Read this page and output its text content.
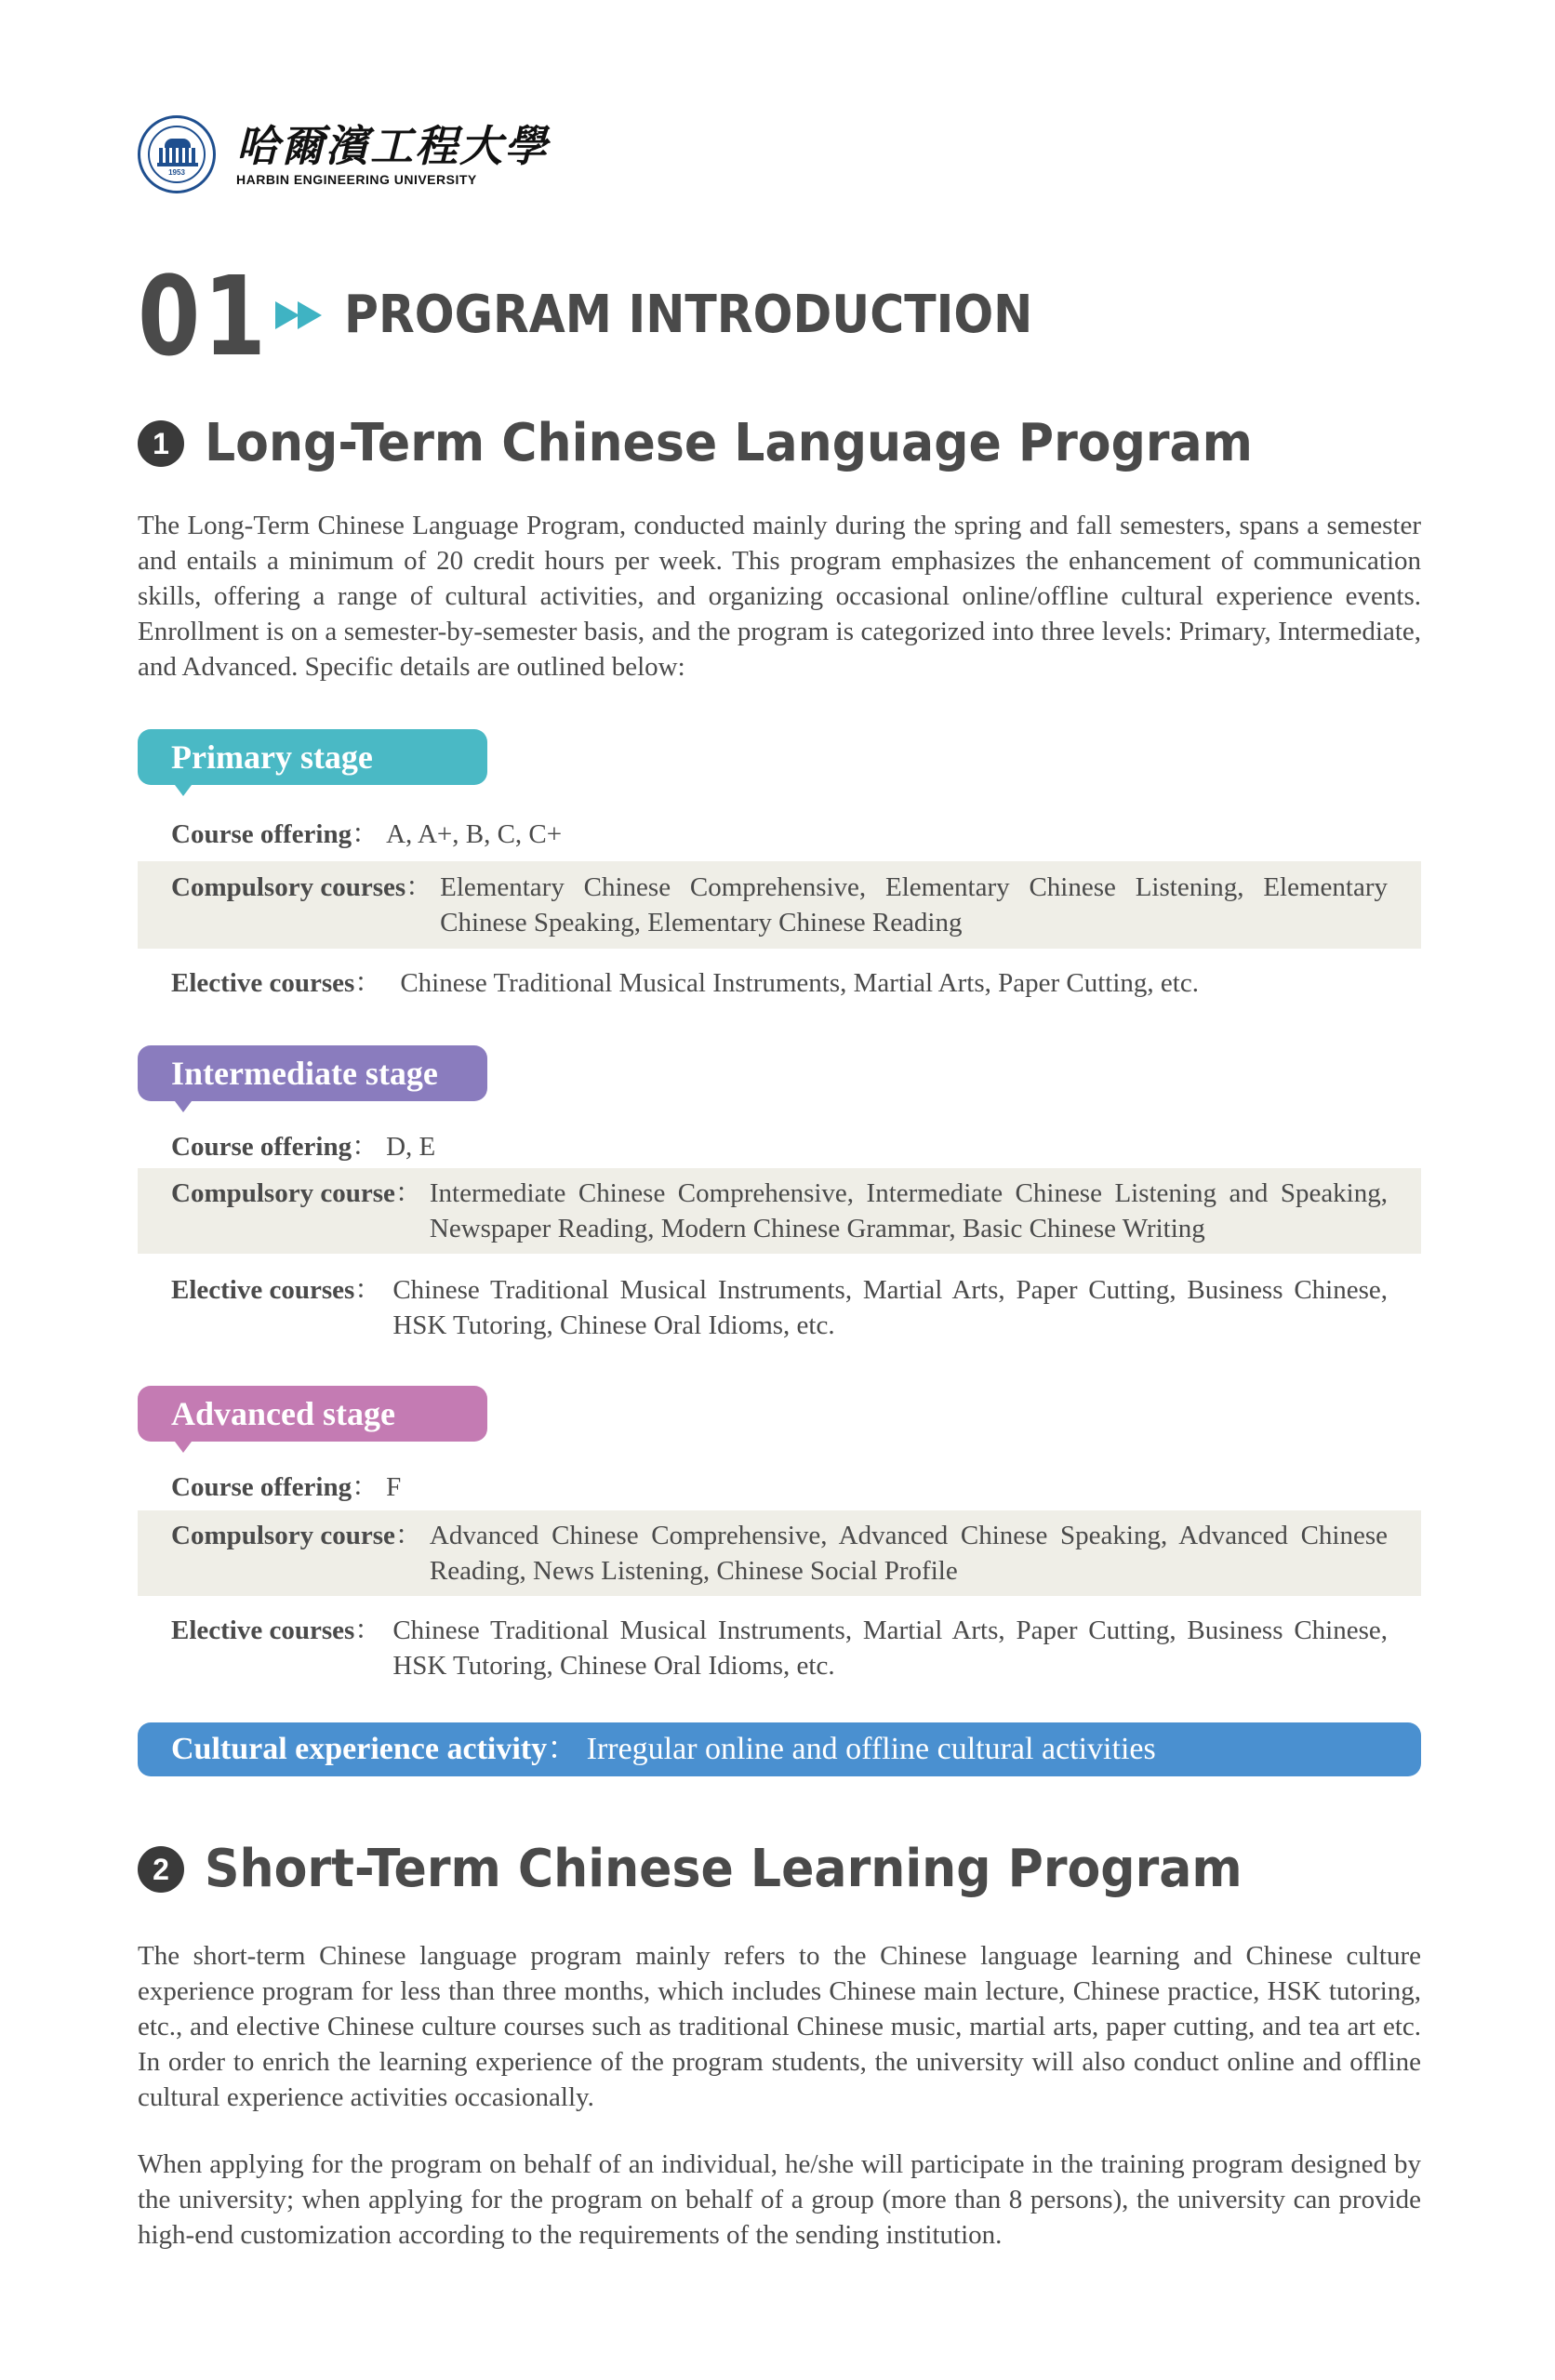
1953
哈爾濱工程大學
HARBIN ENGINEERING UNIVERSITY
01 PROGRAM INTRODUCTION
1 Long-Term Chinese Language Program
The Long-Term Chinese Language Program, conducted mainly during the spring and fall semesters, spans a semester and entails a minimum of 20 credit hours per week. This program emphasizes the enhancement of communication skills, offering a range of cultural activities, and organizing occasional online/offline cultural experience events. Enrollment is on a semester-by-semester basis, and the program is categorized into three levels: Primary, Intermediate, and Advanced. Specific details are outlined below:
Primary stage
Course offering ：	A, A+, B, C, C+
Compulsory courses ：	Elementary Chinese Comprehensive, Elementary Chinese Listening, Elementary Chinese Speaking, Elementary Chinese Reading
Elective courses ：	Chinese Traditional Musical Instruments, Martial Arts, Paper Cutting, etc.
Intermediate stage
Course offering ：	D, E
Compulsory course ：	Intermediate Chinese Comprehensive, Intermediate Chinese Listening and Speaking, Newspaper Reading, Modern Chinese Grammar, Basic Chinese Writing
Elective courses ：	Chinese Traditional Musical Instruments, Martial Arts, Paper Cutting, Business Chinese, HSK Tutoring, Chinese Oral Idioms, etc.
Advanced stage
Course offering ：	F
Compulsory course ：	Advanced Chinese Comprehensive, Advanced Chinese Speaking, Advanced Chinese Reading, News Listening, Chinese Social Profile
Elective courses ：	Chinese Traditional Musical Instruments, Martial Arts, Paper Cutting, Business Chinese, HSK Tutoring, Chinese Oral Idioms, etc.
Cultural experience activity ： Irregular online and offline cultural activities
2 Short-Term Chinese Learning Program
The short-term Chinese language program mainly refers to the Chinese language learning and Chinese culture experience program for less than three months, which includes Chinese main lecture, Chinese practice, HSK tutoring, etc., and elective Chinese culture courses such as traditional Chinese music, martial arts, paper cutting, and tea art etc. In order to enrich the learning experience of the program students, the university will also conduct online and offline cultural experience activities occasionally.
When applying for the program on behalf of an individual, he/she will participate in the training program designed by the university; when applying for the program on behalf of a group (more than 8 persons), the university can provide high-end customization according to the requirements of the sending institution.
